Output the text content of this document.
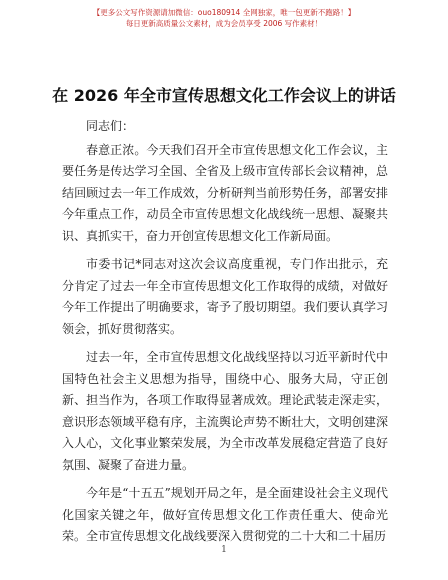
【更多公文写作资源请加微信：ouo180914 全网独家，唯一包更新不跑路！】
每日更新高质量公文素材，成为会员享受 2006 写作素材！
在 2026 年全市宣传思想文化工作会议上的讲话

同志们：

春意正浓。今天我们召开全市宣传思想文化工作会议，主要任务是传达学习全国、全省及上级市宣传部长会议精神，总结回顾过去一年工作成效，分析研判当前形势任务，部署安排今年重点工作，动员全市宣传思想文化战线统一思想、凝聚共识、真抓实干，奋力开创宣传思想文化工作新局面。

市委书记*同志对这次会议高度重视，专门作出批示，充分肯定了过去一年全市宣传思想文化工作取得的成绩，对做好今年工作提出了明确要求，寄予了殷切期望。我们要认真学习领会，抓好贯彻落实。

过去一年，全市宣传思想文化战线坚持以习近平新时代中国特色社会主义思想为指导，围绕中心、服务大局，守正创新、担当作为，各项工作取得显著成效。理论武装走深走实，意识形态领域平稳有序，主流舆论声势不断壮大，文明创建深入人心，文化事业繁荣发展，为全市改革发展稳定营造了良好氛围、凝聚了奋进力量。

今年是“十五五”规划开局之年，是全面建设社会主义现代化国家关键之年，做好宣传思想文化工作责任重大、使命光荣。全市宣传思想文化战线要深入贯彻党的二十大和二十届历

1
